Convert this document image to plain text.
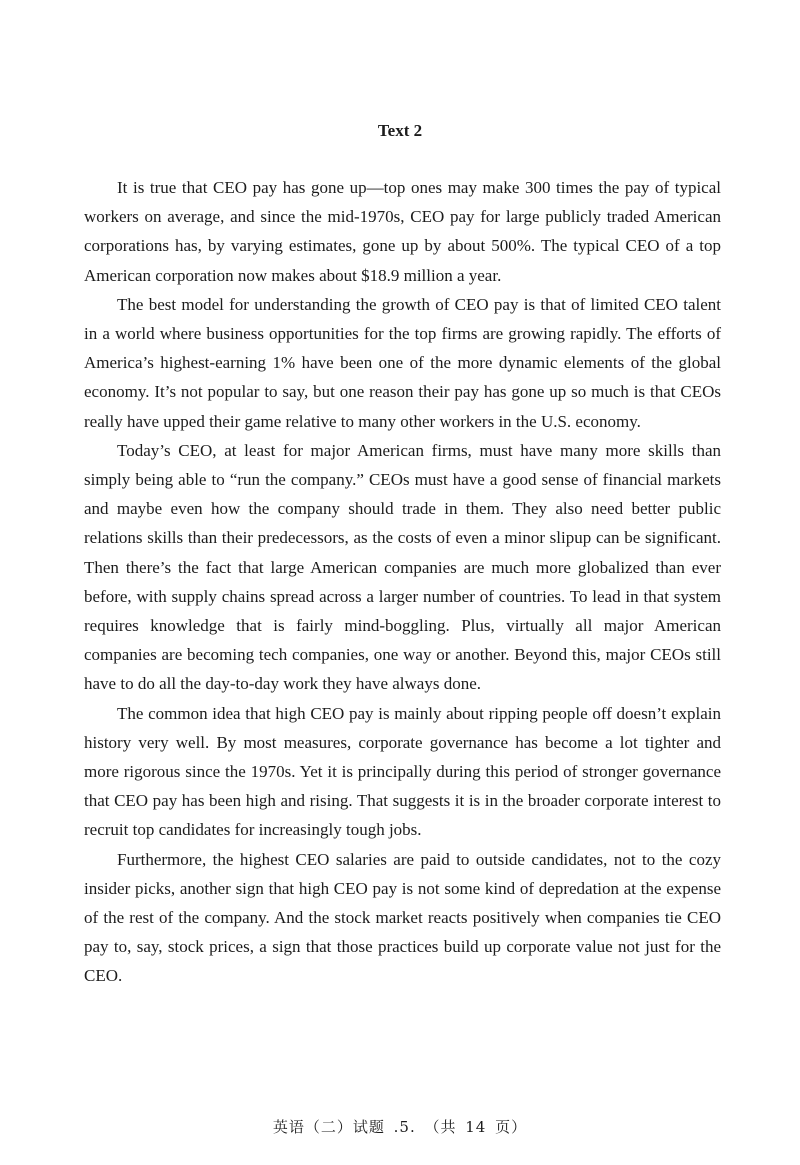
Text 2

It is true that CEO pay has gone up—top ones may make 300 times the pay of typical workers on average, and since the mid-1970s, CEO pay for large publicly traded American corporations has, by varying estimates, gone up by about 500%. The typical CEO of a top American corporation now makes about $18.9 million a year.

The best model for understanding the growth of CEO pay is that of limited CEO talent in a world where business opportunities for the top firms are growing rapidly. The efforts of America’s highest-earning 1% have been one of the more dynamic elements of the global economy. It’s not popular to say, but one reason their pay has gone up so much is that CEOs really have upped their game relative to many other workers in the U.S. economy.

Today’s CEO, at least for major American firms, must have many more skills than simply being able to “run the company.” CEOs must have a good sense of financial markets and maybe even how the company should trade in them. They also need better public relations skills than their predecessors, as the costs of even a minor slipup can be significant. Then there’s the fact that large American companies are much more globalized than ever before, with supply chains spread across a larger number of countries. To lead in that system requires knowledge that is fairly mind-boggling. Plus, virtually all major American companies are becoming tech companies, one way or another. Beyond this, major CEOs still have to do all the day-to-day work they have always done.

The common idea that high CEO pay is mainly about ripping people off doesn’t explain history very well. By most measures, corporate governance has become a lot tighter and more rigorous since the 1970s. Yet it is principally during this period of stronger governance that CEO pay has been high and rising. That suggests it is in the broader corporate interest to recruit top candidates for increasingly tough jobs.

Furthermore, the highest CEO salaries are paid to outside candidates, not to the cozy insider picks, another sign that high CEO pay is not some kind of depredation at the expense of the rest of the company. And the stock market reacts positively when companies tie CEO pay to, say, stock prices, a sign that those practices build up corporate value not just for the CEO.

英语（二）试题 .5. （共 14 页）
